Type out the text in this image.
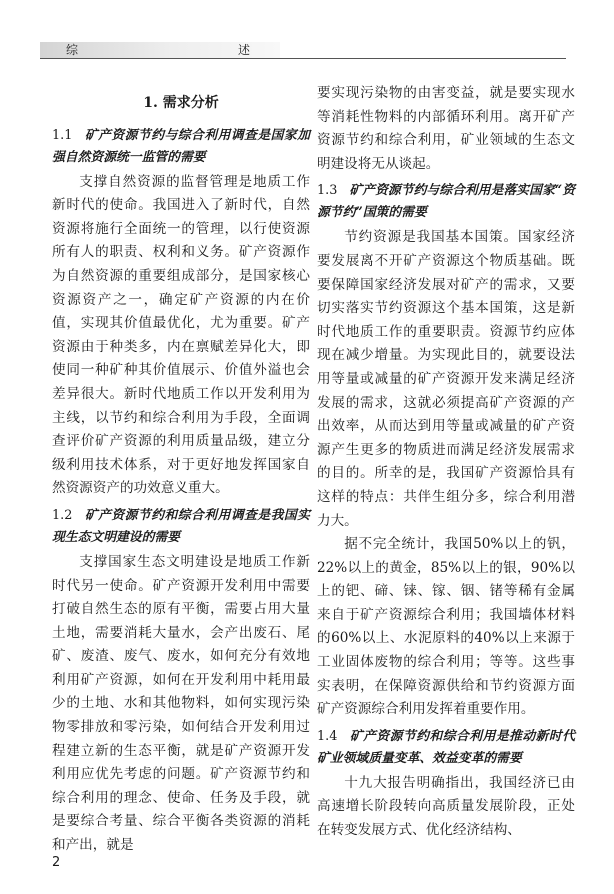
综	述
1. 需求分析
1.1 矿产资源节约与综合利用调查是国家加强自然资源统一监管的需要

支撑自然资源的监督管理是地质工作新时代的使命。我国进入了新时代，自然资源将施行全面统一的管理，以行使资源所有人的职责、权利和义务。矿产资源作为自然资源的重要组成部分，是国家核心资源资产之一，确定矿产资源的内在价值，实现其价值最优化，尤为重要。矿产资源由于种类多，内在禀赋差异化大，即使同一种矿种其价值展示、价值外溢也会差异很大。新时代地质工作以开发利用为主线，以节约和综合利用为手段，全面调查评价矿产资源的利用质量品级，建立分级利用技术体系，对于更好地发挥国家自然资源资产的功效意义重大。

1.2 矿产资源节约和综合利用调查是我国实现生态文明建设的需要

支撑国家生态文明建设是地质工作新时代另一使命。矿产资源开发利用中需要打破自然生态的原有平衡，需要占用大量土地，需要消耗大量水，会产出废石、尾矿、废渣、废气、废水，如何充分有效地利用矿产资源，如何在开发利用中耗用最少的土地、水和其他物料，如何实现污染物零排放和零污染，如何结合开发利用过程建立新的生态平衡，就是矿产资源开发利用应优先考虑的问题。矿产资源节约和综合利用的理念、使命、任务及手段，就是要综合考量、综合平衡各类资源的消耗和产出，就是

要实现污染物的由害变益，就是要实现水等消耗性物料的内部循环利用。离开矿产资源节约和综合利用，矿业领域的生态文明建设将无从谈起。

1.3 矿产资源节约与综合利用是落实国家“资源节约”国策的需要

节约资源是我国基本国策。国家经济要发展离不开矿产资源这个物质基础。既要保障国家经济发展对矿产的需求，又要切实落实节约资源这个基本国策，这是新时代地质工作的重要职责。资源节约应体现在减少增量。为实现此目的，就要设法用等量或减量的矿产资源开发来满足经济发展的需求，这就必须提高矿产资源的产出效率，从而达到用等量或减量的矿产资源产生更多的物质进而满足经济发展需求的目的。所幸的是，我国矿产资源恰具有这样的特点：共伴生组分多，综合利用潜力大。

据不完全统计，我国50%以上的钒，22%以上的黄金，85%以上的银，90%以上的钯、碲、铼、镓、铟、锗等稀有金属来自于矿产资源综合利用；我国墙体材料的60%以上、水泥原料的40%以上来源于工业固体废物的综合利用；等等。这些事实表明，在保障资源供给和节约资源方面矿产资源综合利用发挥着重要作用。

1.4 矿产资源节约和综合利用是推动新时代矿业领域质量变革、效益变革的需要

十九大报告明确指出，我国经济已由高速增长阶段转向高质量发展阶段，正处在转变发展方式、优化经济结构、

2
